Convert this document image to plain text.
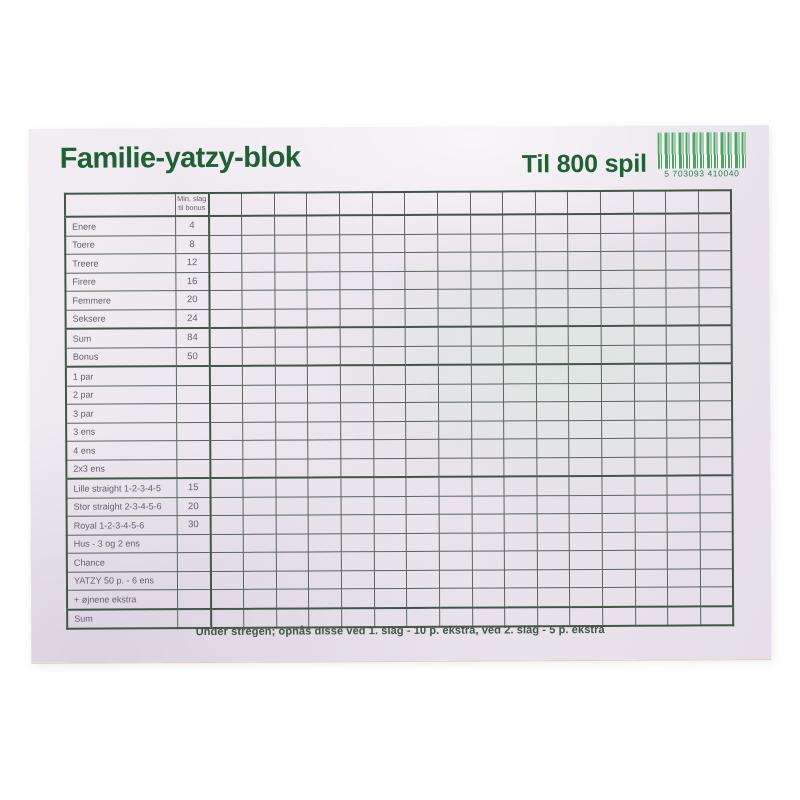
Familie-yatzy-blok	Til 800 spil	5 703093 410040
	Min. slag
til bonus																
Enere	4																
Toere	8																
Treere	12																
Firere	16																
Femmere	20																
Seksere	24																
Sum	84																
Bonus	50																
1 par																	
2 par																	
3 par																	
3 ens																	
4 ens																	
2x3 ens																	
Lille straight 1-2-3-4-5	15																
Stor straight 2-3-4-5-6	20																
Royal 1-2-3-4-5-6	30																
Hus - 3 og 2 ens																	
Chance																	
YATZY 50 p. - 6 ens																	
+ øjnene ekstra																	
Sum																	
Under stregen; opnås disse ved 1. slag - 10 p. ekstra, ved 2. slag - 5 p. ekstra
